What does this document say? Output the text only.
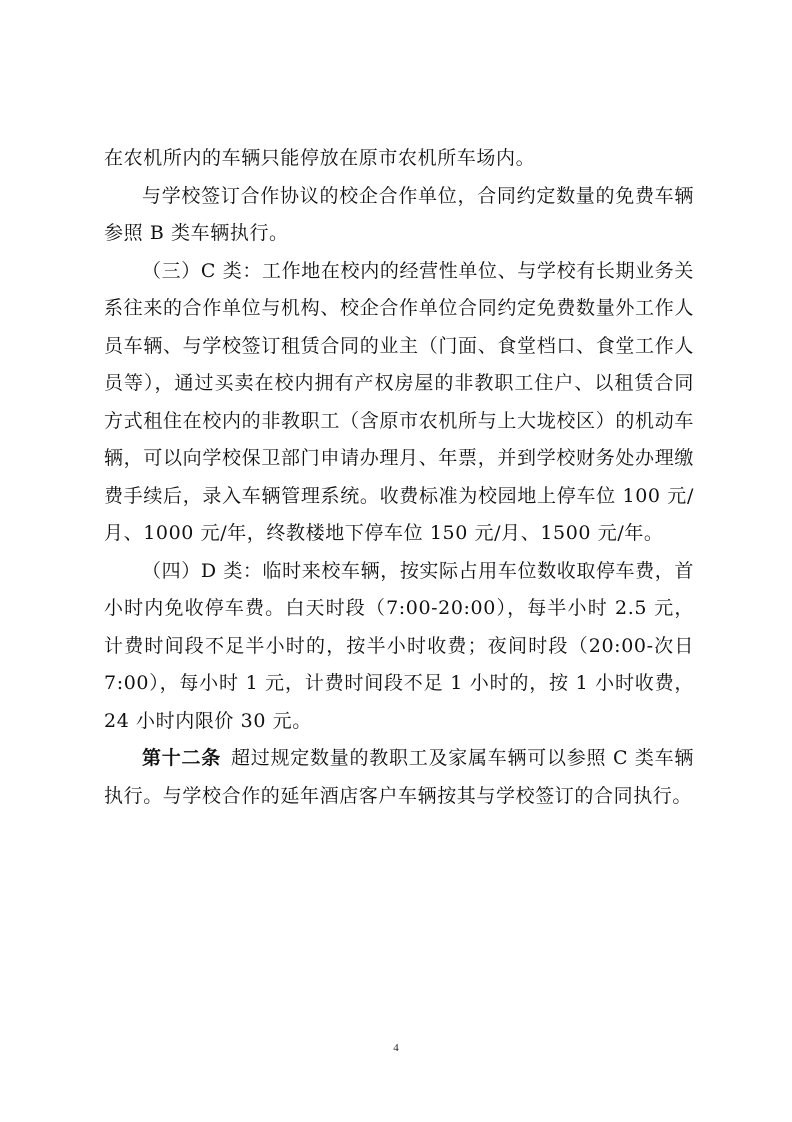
在农机所内的车辆只能停放在原市农机所车场内。

与学校签订合作协议的校企合作单位，合同约定数量的免费车辆参照 B 类车辆执行。

（三）C 类：工作地在校内的经营性单位、与学校有长期业务关系往来的合作单位与机构、校企合作单位合同约定免费数量外工作人员车辆、与学校签订租赁合同的业主（门面、食堂档口、食堂工作人员等），通过买卖在校内拥有产权房屋的非教职工住户、以租赁合同方式租住在校内的非教职工（含原市农机所与上大垅校区）的机动车辆，可以向学校保卫部门申请办理月、年票，并到学校财务处办理缴费手续后，录入车辆管理系统。收费标准为校园地上停车位 100 元/月、1000 元/年，终教楼地下停车位 150 元/月、1500 元/年。

（四）D 类：临时来校车辆，按实际占用车位数收取停车费，首小时内免收停车费。白天时段（7:00-20:00），每半小时 2.5 元，计费时间段不足半小时的，按半小时收费；夜间时段（20:00-次日 7:00），每小时 1 元，计费时间段不足 1 小时的，按 1 小时收费，24 小时内限价 30 元。

第十二条 超过规定数量的教职工及家属车辆可以参照 C 类车辆执行。与学校合作的延年酒店客户车辆按其与学校签订的合同执行。

4
